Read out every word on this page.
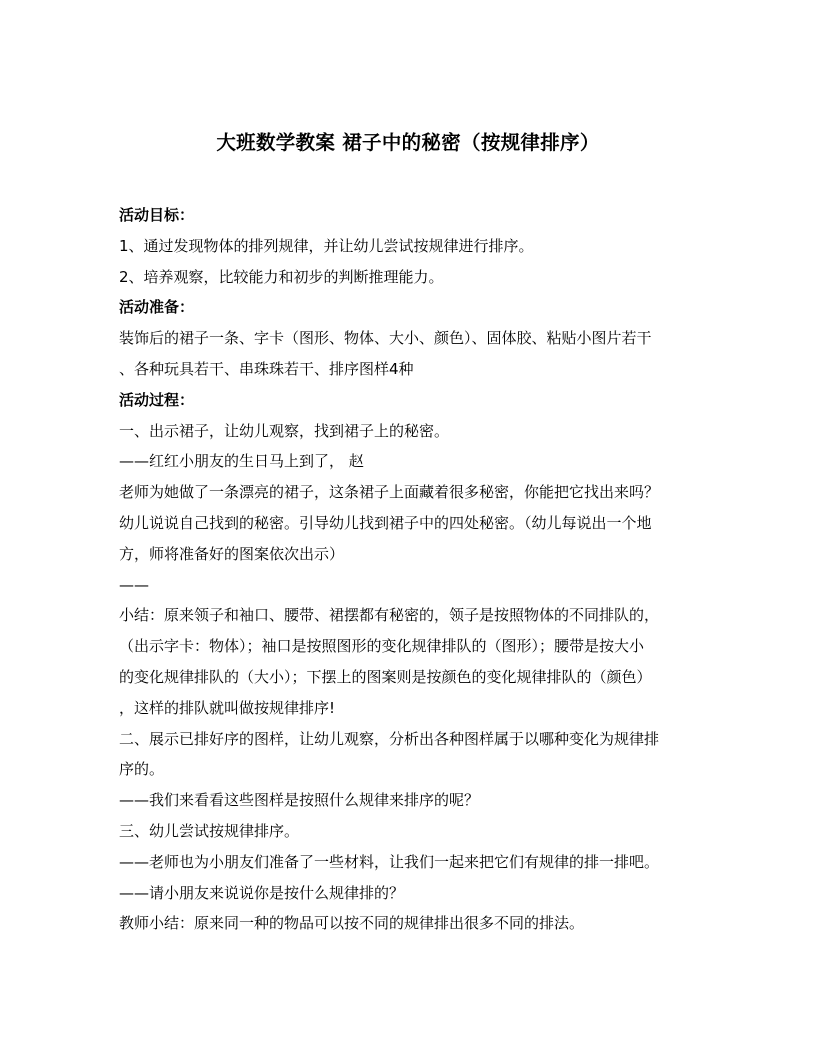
大班数学教案 裙子中的秘密（按规律排序）
活动目标：
1、通过发现物体的排列规律，并让幼儿尝试按规律进行排序。
2、培养观察，比较能力和初步的判断推理能力。
活动准备：
装饰后的裙子一条、字卡（图形、物体、大小、颜色）、固体胶、粘贴小图片若干
、各种玩具若干、串珠珠若干、排序图样4种
活动过程：
一、出示裙子，让幼儿观察，找到裙子上的秘密。
——红红小朋友的生日马上到了， 赵
老师为她做了一条漂亮的裙子，这条裙子上面藏着很多秘密，你能把它找出来吗？
幼儿说说自己找到的秘密。引导幼儿找到裙子中的四处秘密。（幼儿每说出一个地
方，师将准备好的图案依次出示）
——
小结：原来领子和袖口、腰带、裙摆都有秘密的，领子是按照物体的不同排队的，
（出示字卡：物体）；袖口是按照图形的变化规律排队的（图形）；腰带是按大小
的变化规律排队的（大小）；下摆上的图案则是按颜色的变化规律排队的（颜色）
，这样的排队就叫做按规律排序!
二、展示已排好序的图样，让幼儿观察，分析出各种图样属于以哪种变化为规律排
序的。
——我们来看看这些图样是按照什么规律来排序的呢？
三、幼儿尝试按规律排序。
——老师也为小朋友们准备了一些材料，让我们一起来把它们有规律的排一排吧。
——请小朋友来说说你是按什么规律排的？
教师小结：原来同一种的物品可以按不同的规律排出很多不同的排法。
